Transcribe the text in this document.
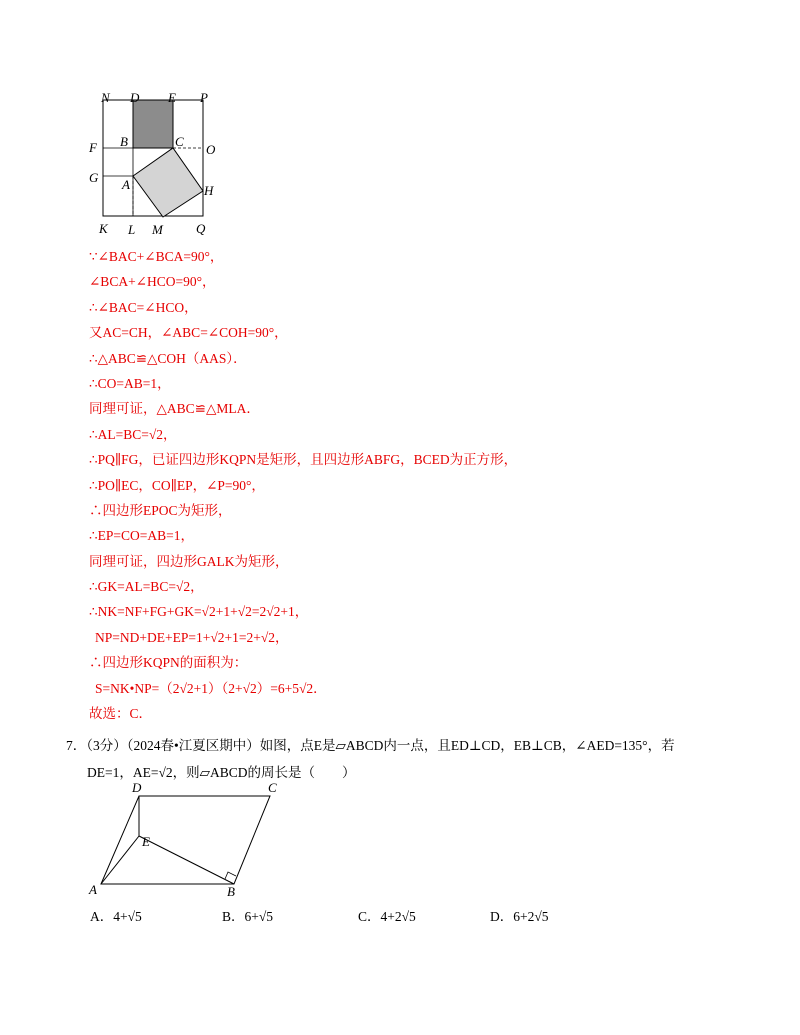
N D E P
B	C
F	O
G A	H
K L M	Q
∵∠BAC+∠BCA=90°，
∠BCA+∠HCO=90°，
∴∠BAC=∠HCO，
又AC=CH，∠ABC=∠COH=90°，
∴△ABC≌△COH（AAS）．
∴CO=AB=1，
同理可证，△ABC≌△MLA．
∴AL=BC=√2，
∴PQ∥FG，已证四边形KQPN是矩形，且四边形ABFG，BCED为正方形，
∴PO∥EC，CO∥EP，∠P=90°，
∴四边形EPOC为矩形，
∴EP=CO=AB=1，
同理可证，四边形GALK为矩形，
∴GK=AL=BC=√2，
∴NK=NF+FG+GK=√2+1+√2=2√2+1，
NP=ND+DE+EP=1+√2+1=2+√2，
∴四边形KQPN的面积为：
S=NK•NP=（2√2+1）（2+√2）=6+5√2．
故选：C．
7．（3分）（2024春•江夏区期中）如图，点E是▱ABCD内一点，且ED⊥CD，EB⊥CB，∠AED=135°，若
DE=1，AE=√2，则▱ABCD的周长是（　　）
D	C
E
A	B
A．4+√5	B．6+√5	C．4+2√5	D．6+2√5
